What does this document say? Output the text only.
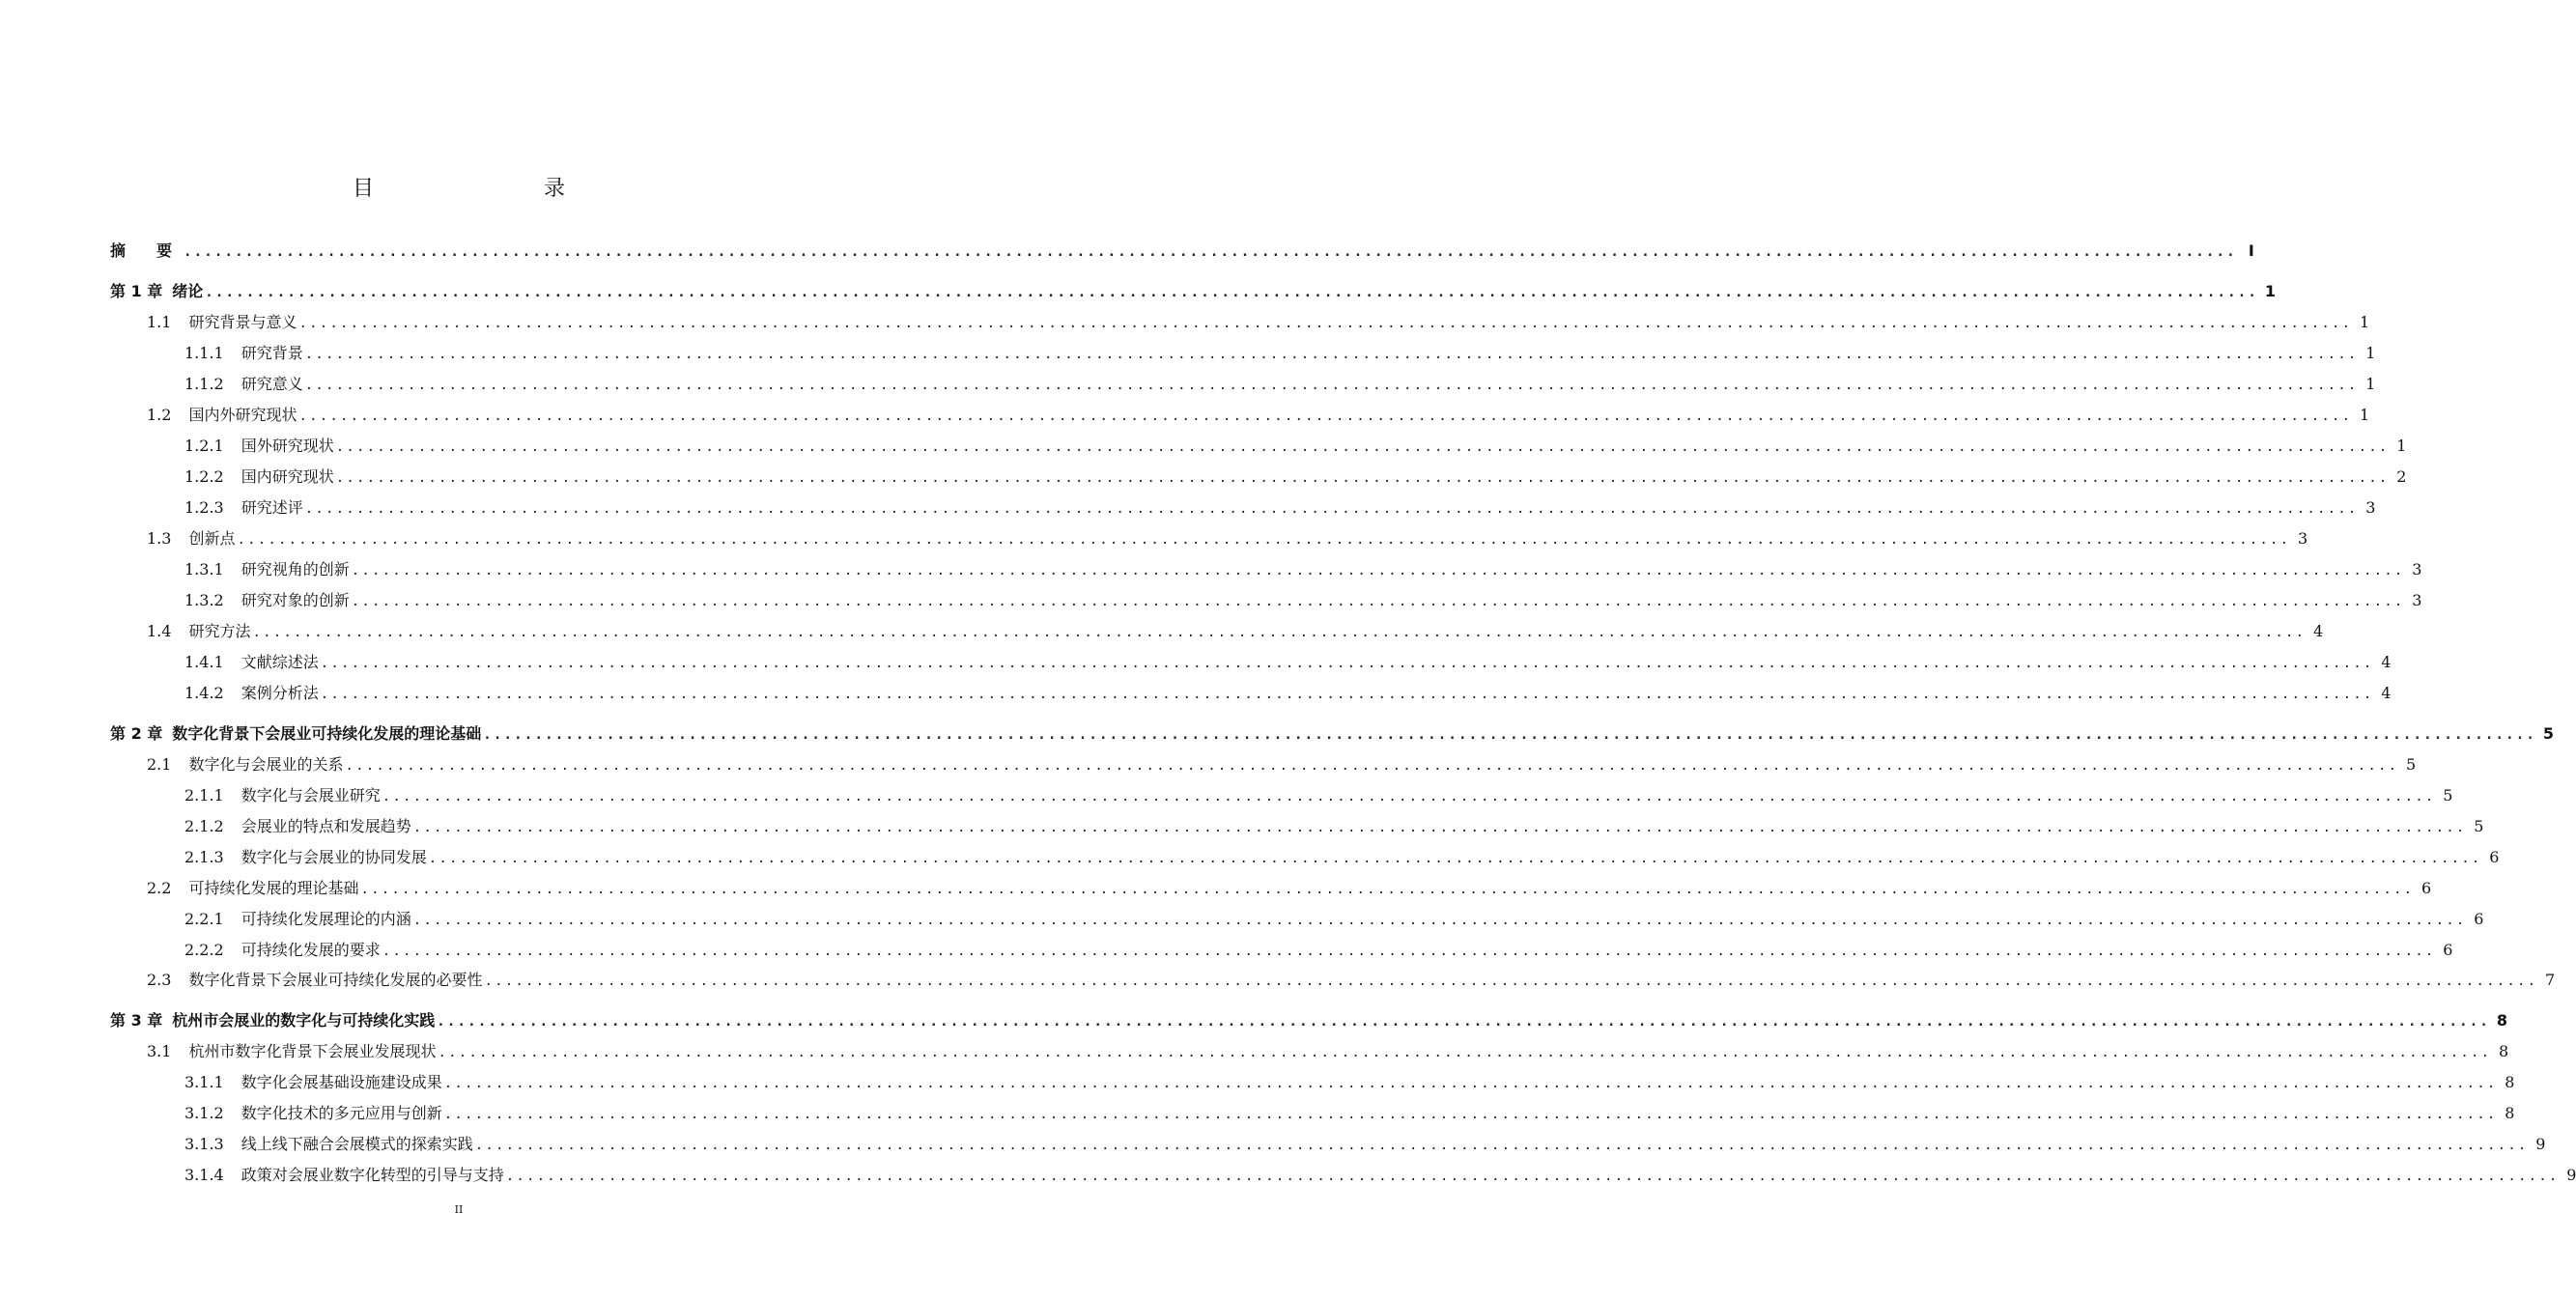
目　　录
摘　　要 ........................................................................................................................................................................................................ I
第 1 章 绪论 ........................................................................................................................................................................................................ 1
1.1 研究背景与意义 ........................................................................................................................................................................................................ 1
1.1.1 研究背景 ........................................................................................................................................................................................................ 1
1.1.2 研究意义 ........................................................................................................................................................................................................ 1
1.2 国内外研究现状 ........................................................................................................................................................................................................ 1
1.2.1 国外研究现状 ........................................................................................................................................................................................................ 1
1.2.2 国内研究现状 ........................................................................................................................................................................................................ 2
1.2.3 研究述评 ........................................................................................................................................................................................................ 3
1.3 创新点 ........................................................................................................................................................................................................ 3
1.3.1 研究视角的创新 ........................................................................................................................................................................................................ 3
1.3.2 研究对象的创新 ........................................................................................................................................................................................................ 3
1.4 研究方法 ........................................................................................................................................................................................................ 4
1.4.1 文献综述法 ........................................................................................................................................................................................................ 4
1.4.2 案例分析法 ........................................................................................................................................................................................................ 4
第 2 章 数字化背景下会展业可持续化发展的理论基础 ........................................................................................................................................................................................................ 5
2.1 数字化与会展业的关系 ........................................................................................................................................................................................................ 5
2.1.1 数字化与会展业研究 ........................................................................................................................................................................................................ 5
2.1.2 会展业的特点和发展趋势 ........................................................................................................................................................................................................ 5
2.1.3 数字化与会展业的协同发展 ........................................................................................................................................................................................................ 6
2.2 可持续化发展的理论基础 ........................................................................................................................................................................................................ 6
2.2.1 可持续化发展理论的内涵 ........................................................................................................................................................................................................ 6
2.2.2 可持续化发展的要求 ........................................................................................................................................................................................................ 6
2.3 数字化背景下会展业可持续化发展的必要性 ........................................................................................................................................................................................................ 7
第 3 章 杭州市会展业的数字化与可持续化实践 ........................................................................................................................................................................................................ 8
3.1 杭州市数字化背景下会展业发展现状 ........................................................................................................................................................................................................ 8
3.1.1 数字化会展基础设施建设成果 ........................................................................................................................................................................................................ 8
3.1.2 数字化技术的多元应用与创新 ........................................................................................................................................................................................................ 8
3.1.3 线上线下融合会展模式的探索实践 ........................................................................................................................................................................................................ 9
3.1.4 政策对会展业数字化转型的引导与支持 ........................................................................................................................................................................................................ 9
II
